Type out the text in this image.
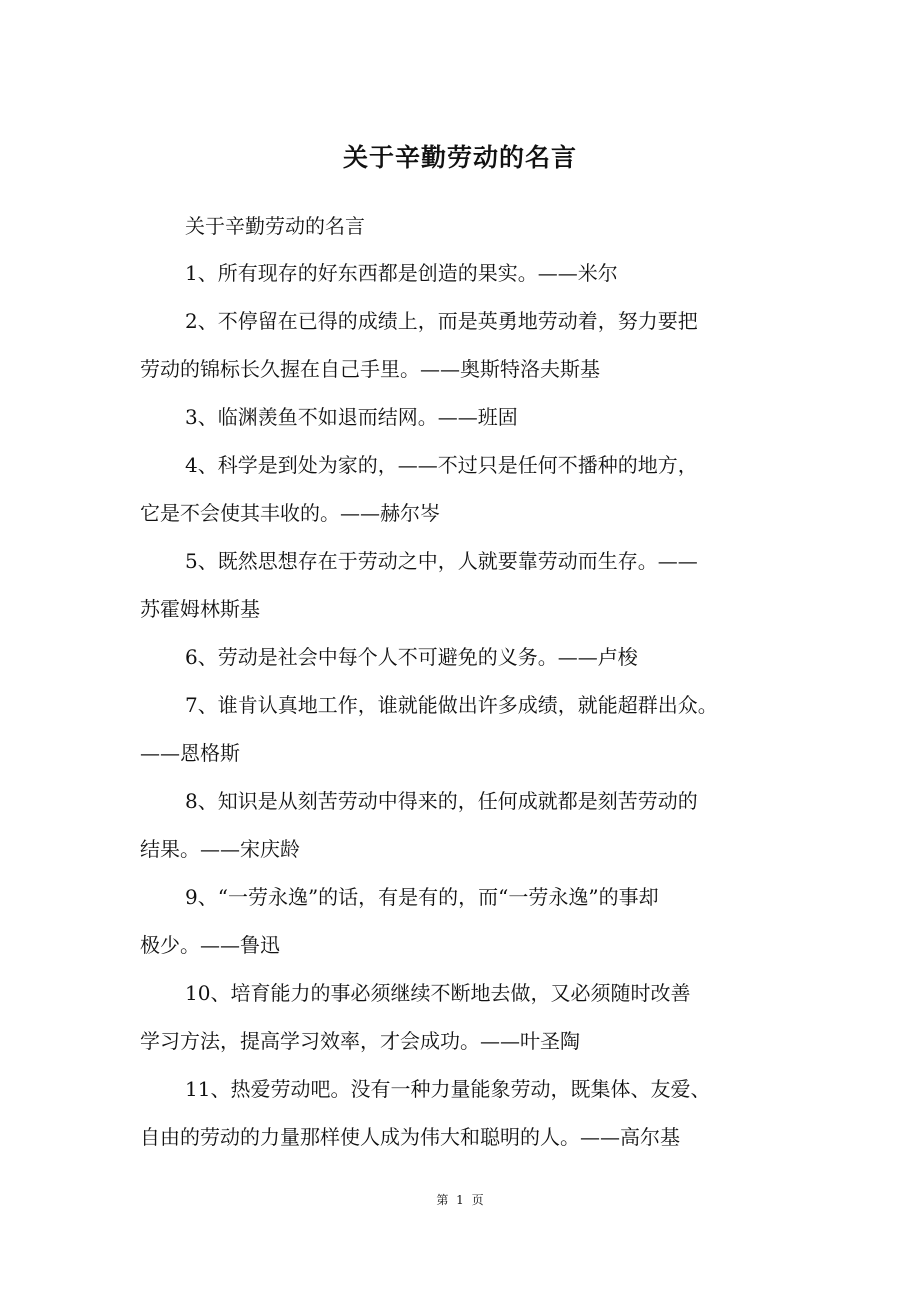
关于辛勤劳动的名言
关于辛勤劳动的名言
1、所有现存的好东西都是创造的果实。——米尔
2、不停留在已得的成绩上，而是英勇地劳动着，努力要把
劳动的锦标长久握在自己手里。——奥斯特洛夫斯基
3、临渊羡鱼不如退而结网。——班固
4、科学是到处为家的，——不过只是任何不播种的地方，
它是不会使其丰收的。——赫尔岑
5、既然思想存在于劳动之中，人就要靠劳动而生存。——
苏霍姆林斯基
6、劳动是社会中每个人不可避免的义务。——卢梭
7、谁肯认真地工作，谁就能做出许多成绩，就能超群出众。
——恩格斯
8、知识是从刻苦劳动中得来的，任何成就都是刻苦劳动的
结果。——宋庆龄
9、“一劳永逸”的话，有是有的，而“一劳永逸”的事却
极少。——鲁迅
10、培育能力的事必须继续不断地去做，又必须随时改善
学习方法，提高学习效率，才会成功。——叶圣陶
11、热爱劳动吧。没有一种力量能象劳动，既集体、友爱、
自由的劳动的力量那样使人成为伟大和聪明的人。——高尔基
第 1 页
